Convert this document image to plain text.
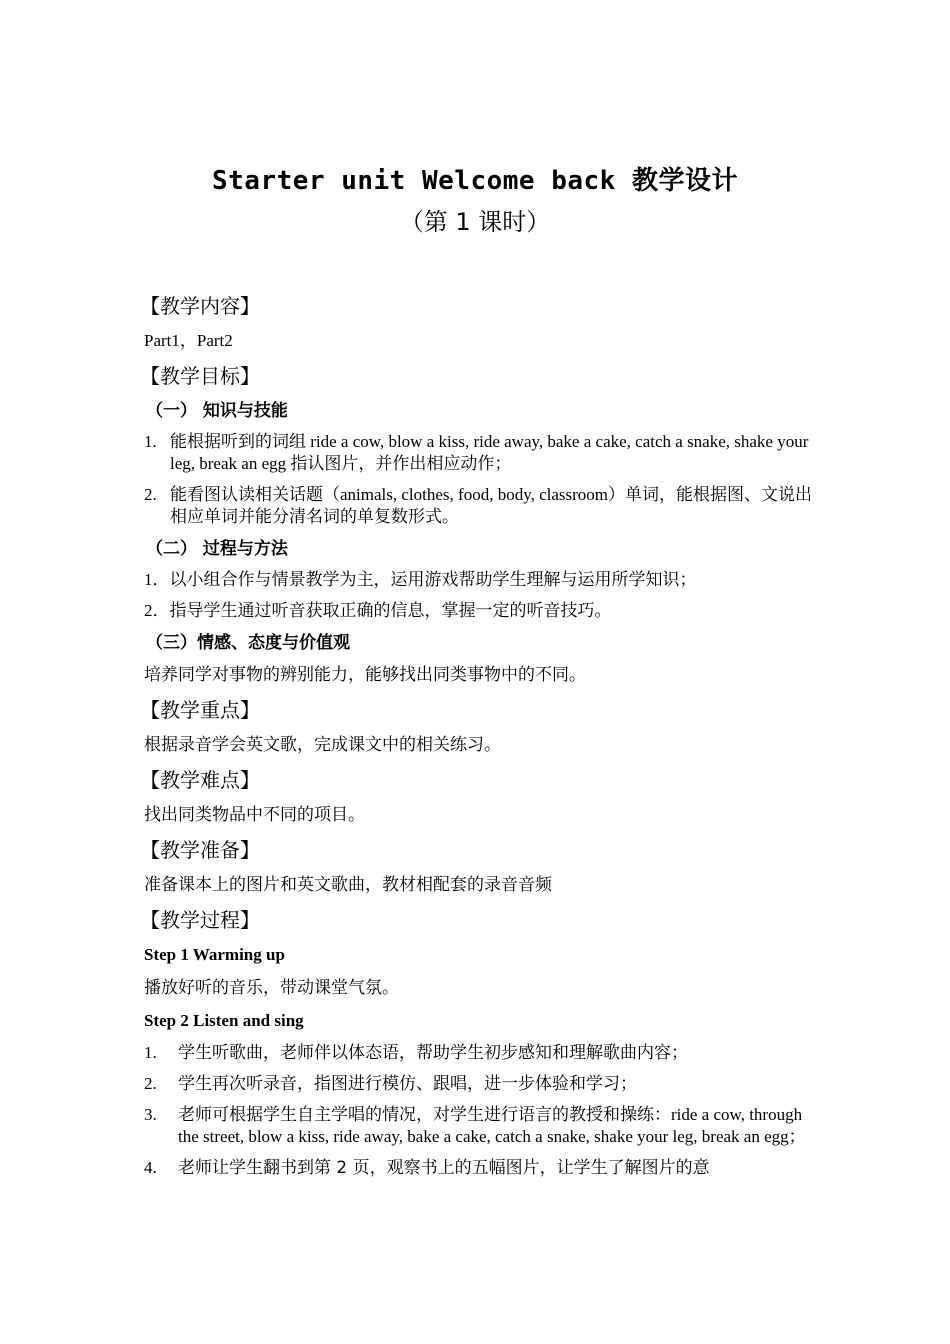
Starter unit Welcome back 教学设计
（第 1 课时）
【教学内容】
Part1，Part2
【教学目标】
（一） 知识与技能
1. 能根据听到的词组 ride a cow, blow a kiss, ride away, bake a cake, catch a snake, shake your leg, break an egg 指认图片，并作出相应动作；
2. 能看图认读相关话题（animals, clothes, food, body, classroom）单词，能根据图、文说出相应单词并能分清名词的单复数形式。
（二） 过程与方法
1． 以小组合作与情景教学为主，运用游戏帮助学生理解与运用所学知识；
2． 指导学生通过听音获取正确的信息，掌握一定的听音技巧。
（三）情感、态度与价值观
培养同学对事物的辨别能力，能够找出同类事物中的不同。
【教学重点】
根据录音学会英文歌，完成课文中的相关练习。
【教学难点】
找出同类物品中不同的项目。
【教学准备】
准备课本上的图片和英文歌曲，教材相配套的录音音频
【教学过程】
Step 1 Warming up
播放好听的音乐，带动课堂气氛。
Step 2 Listen and sing
1.	学生听歌曲，老师伴以体态语，帮助学生初步感知和理解歌曲内容；
2.	学生再次听录音，指图进行模仿、跟唱，进一步体验和学习；
3.	老师可根据学生自主学唱的情况，对学生进行语言的教授和操练：ride a cow, through the street, blow a kiss, ride away, bake a cake, catch a snake, shake your leg, break an egg；
4.	老师让学生翻书到第 2 页，观察书上的五幅图片，让学生了解图片的意
